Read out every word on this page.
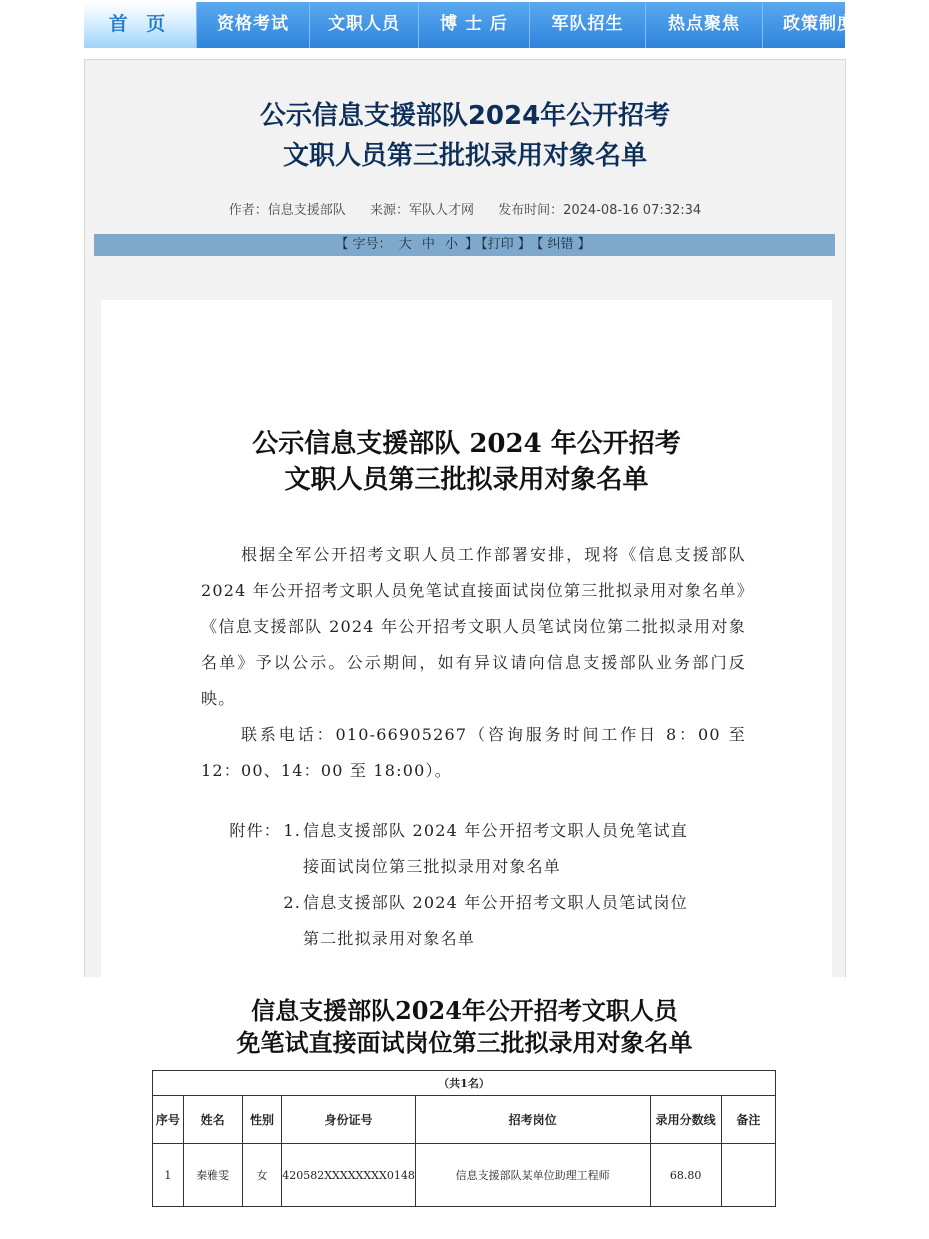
首 页	资格考试	文职人员	博 士 后	军队招生	热点聚焦	政策制度
公示信息支援部队2024年公开招考
文职人员第三批拟录用对象名单
作者：信息支援部队 来源：军队人才网 发布时间：2024-08-16 07:32:34
【 字号： 大 中 小 】 【打印 】 【 纠错 】
公示信息支援部队 2024 年公开招考
文职人员第三批拟录用对象名单

根据全军公开招考文职人员工作部署安排，现将《信息支援部队 2024 年公开招考文职人员免笔试直接面试岗位第三批拟录用对象名单》《信息支援部队 2024 年公开招考文职人员笔试岗位第二批拟录用对象名单》予以公示。公示期间，如有异议请向信息支援部队业务部门反映。

联系电话：010-66905267（咨询服务时间工作日 8：00 至 12：00、14：00 至 18:00）。

附件： 1. 信息支援部队 2024 年公开招考文职人员免笔试直
接面试岗位第三批拟录用对象名单
2. 信息支援部队 2024 年公开招考文职人员笔试岗位
第二批拟录用对象名单
信息支援部队2024年公开招考文职人员
免笔试直接面试岗位第三批拟录用对象名单
（共1名）						
序号	姓名	性别	身份证号	招考岗位	录用分数线	备注
1	秦雅雯	女	420582XXXXXXXX0148	信息支援部队某单位助理工程师	68.80	
